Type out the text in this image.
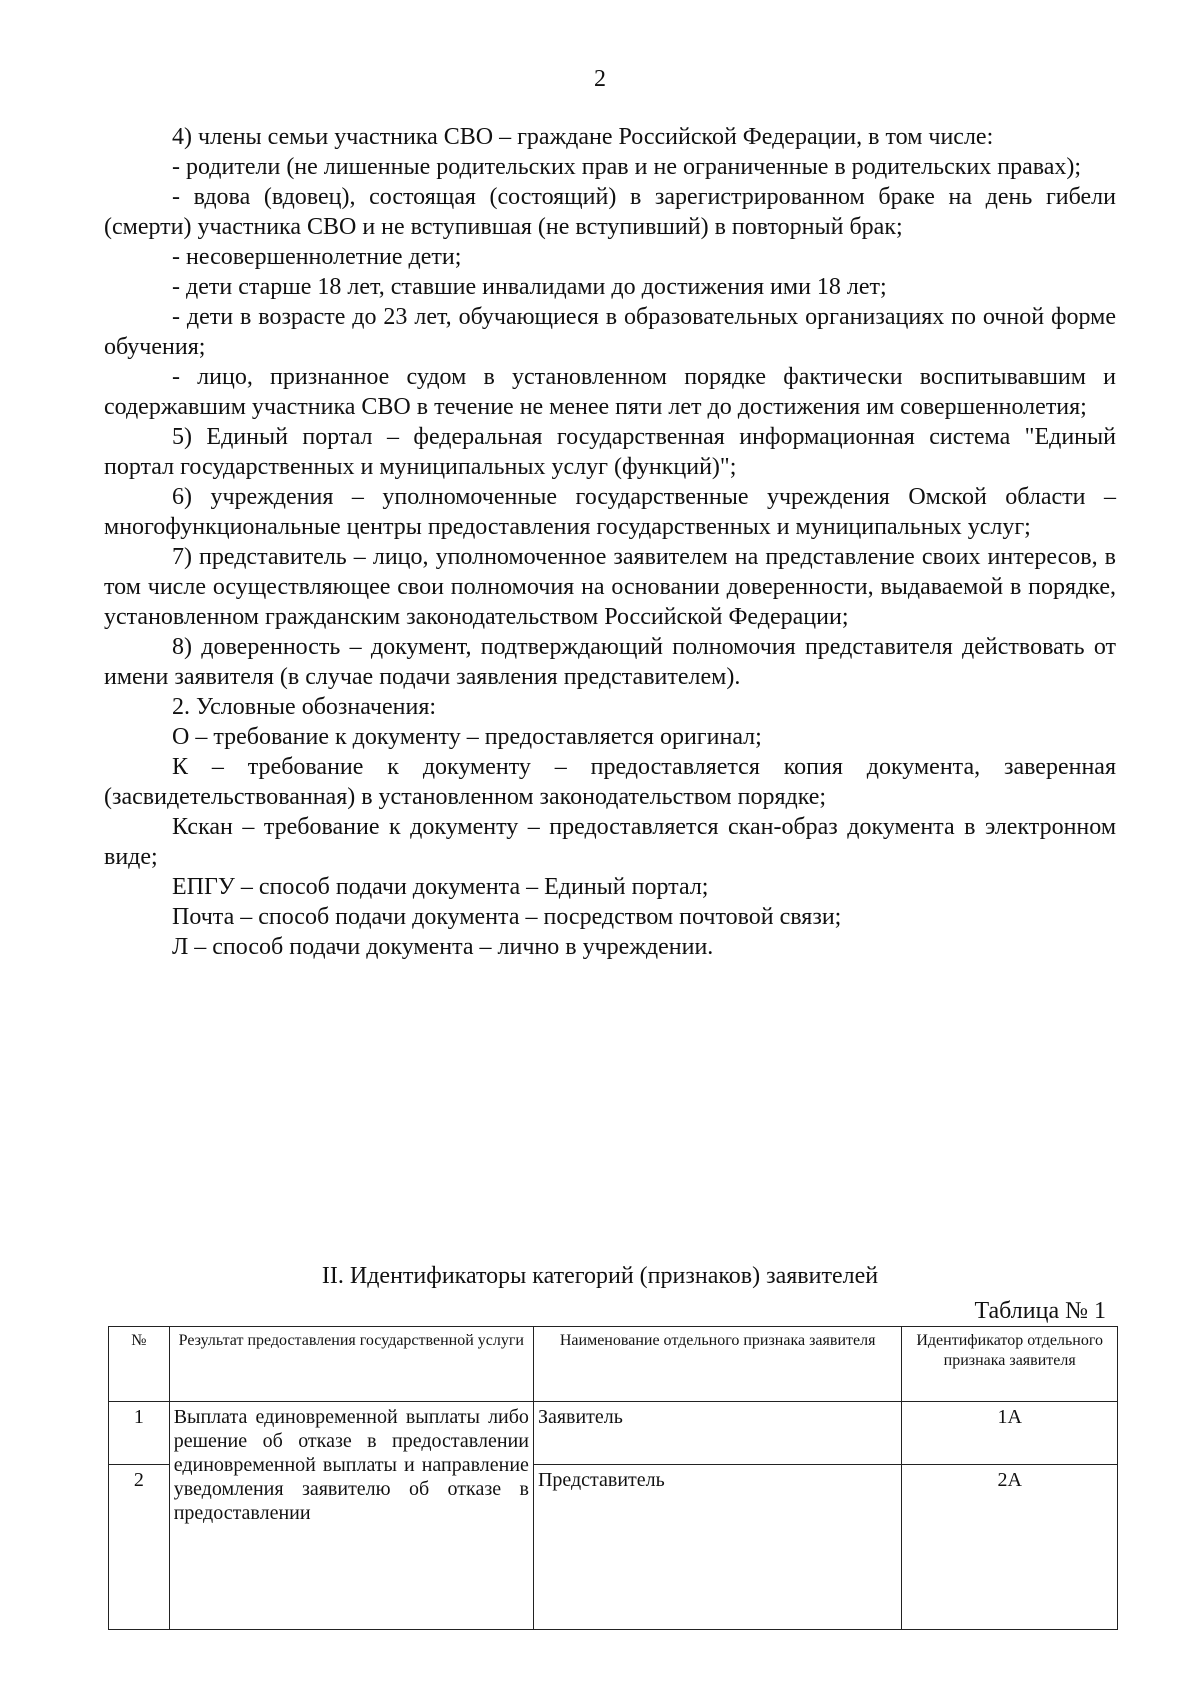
2

4) члены семьи участника СВО – граждане Российской Федерации, в том числе:

- родители (не лишенные родительских прав и не ограниченные в родительских правах);

- вдова (вдовец), состоящая (состоящий) в зарегистрированном браке на день гибели (смерти) участника СВО и не вступившая (не вступивший) в повторный брак;

- несовершеннолетние дети;

- дети старше 18 лет, ставшие инвалидами до достижения ими 18 лет;

- дети в возрасте до 23 лет, обучающиеся в образовательных организациях по очной форме обучения;

- лицо, признанное судом в установленном порядке фактически воспитывавшим и содержавшим участника СВО в течение не менее пяти лет до достижения им совершеннолетия;

5) Единый портал – федеральная государственная информационная система "Единый портал государственных и муниципальных услуг (функций)";

6) учреждения – уполномоченные государственные учреждения Омской области – многофункциональные центры предоставления государственных и муниципальных услуг;

7) представитель – лицо, уполномоченное заявителем на представление своих интересов, в том числе осуществляющее свои полномочия на основании доверенности, выдаваемой в порядке, установленном гражданским законодательством Российской Федерации;

8) доверенность – документ, подтверждающий полномочия представителя действовать от имени заявителя (в случае подачи заявления представителем).

2. Условные обозначения:

О – требование к документу – предоставляется оригинал;

К – требование к документу – предоставляется копия документа, заверенная (засвидетельствованная) в установленном законодательством порядке;

Кскан – требование к документу – предоставляется скан-образ документа в электронном виде;

ЕПГУ – способ подачи документа – Единый портал;

Почта – способ подачи документа – посредством почтовой связи;

Л – способ подачи документа – лично в учреждении.

II. Идентификаторы категорий (признаков) заявителей
Таблица № 1
№	Результат предоставления государственной услуги	Наименование отдельного признака заявителя	Идентификатор отдельного признака заявителя
1	Выплата единовременной выплаты либо решение об отказе в предоставлении единовременной выплаты и направление уведомления заявителю об отказе в предоставлении	Заявитель	1А
2		Представитель	2А
